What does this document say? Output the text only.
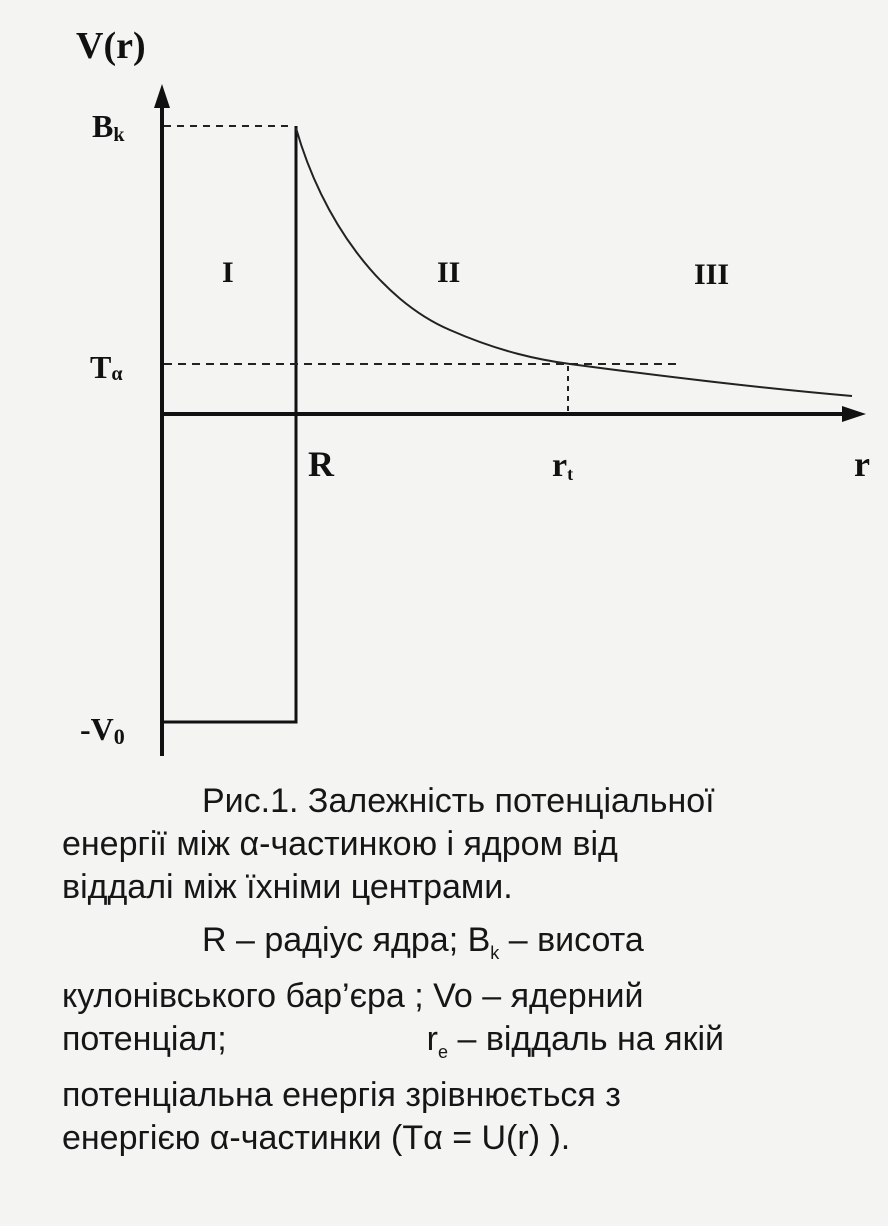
V(r)
Bk
Tα
-V0
R	rt	r
I	II	III

Рис.1. Залежність потенціальної

енергії між α-частинкою і ядром від

віддалі між їхніми центрами.

R – радіус ядра; $B_k$ – висота

кулонівського бар’єра ; Vo – ядерний

потенціал;	$r_e$ – віддаль на якій

потенціальна енергія зрівнюється з

енергією α-частинки (Tα = U(r) ).
